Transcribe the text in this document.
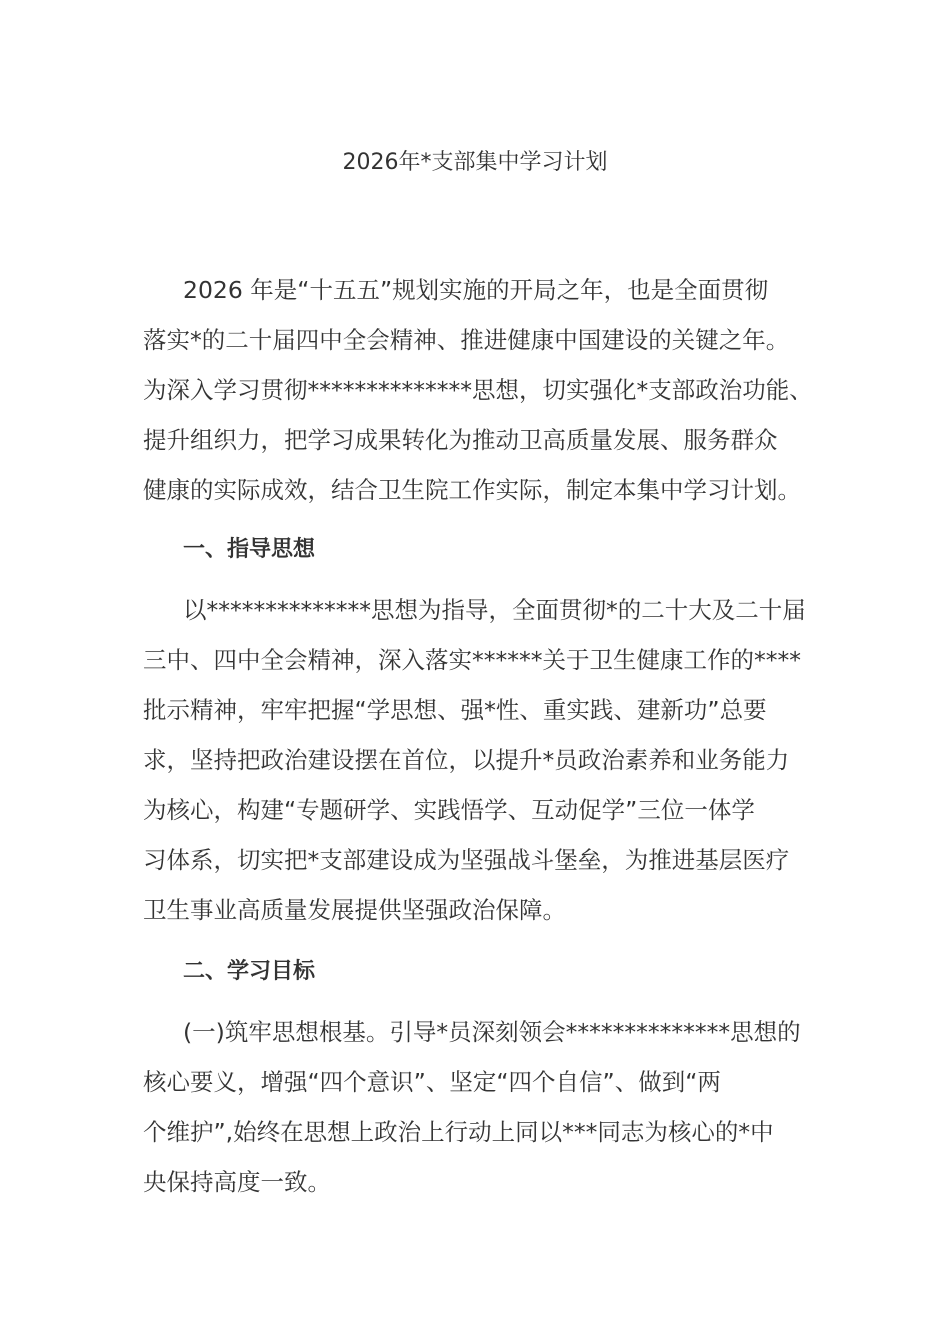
2026年*支部集中学习计划
2026 年是“十五五”规划实施的开局之年，也是全面贯彻
落实*的二十届四中全会精神、推进健康中国建设的关键之年。
为深入学习贯彻**************思想，切实强化*支部政治功能、
提升组织力，把学习成果转化为推动卫高质量发展、服务群众
健康的实际成效，结合卫生院工作实际，制定本集中学习计划。
一、指导思想
以**************思想为指导，全面贯彻*的二十大及二十届
三中、四中全会精神，深入落实******关于卫生健康工作的****
批示精神，牢牢把握“学思想、强*性、重实践、建新功”总要
求，坚持把政治建设摆在首位，以提升*员政治素养和业务能力
为核心，构建“专题研学、实践悟学、互动促学”三位一体学
习体系，切实把*支部建设成为坚强战斗堡垒，为推进基层医疗
卫生事业高质量发展提供坚强政治保障。
二、学习目标
(一)筑牢思想根基。引导*员深刻领会**************思想的
核心要义，增强“四个意识”、坚定“四个自信”、做到“两
个维护”,始终在思想上政治上行动上同以***同志为核心的*中
央保持高度一致。
